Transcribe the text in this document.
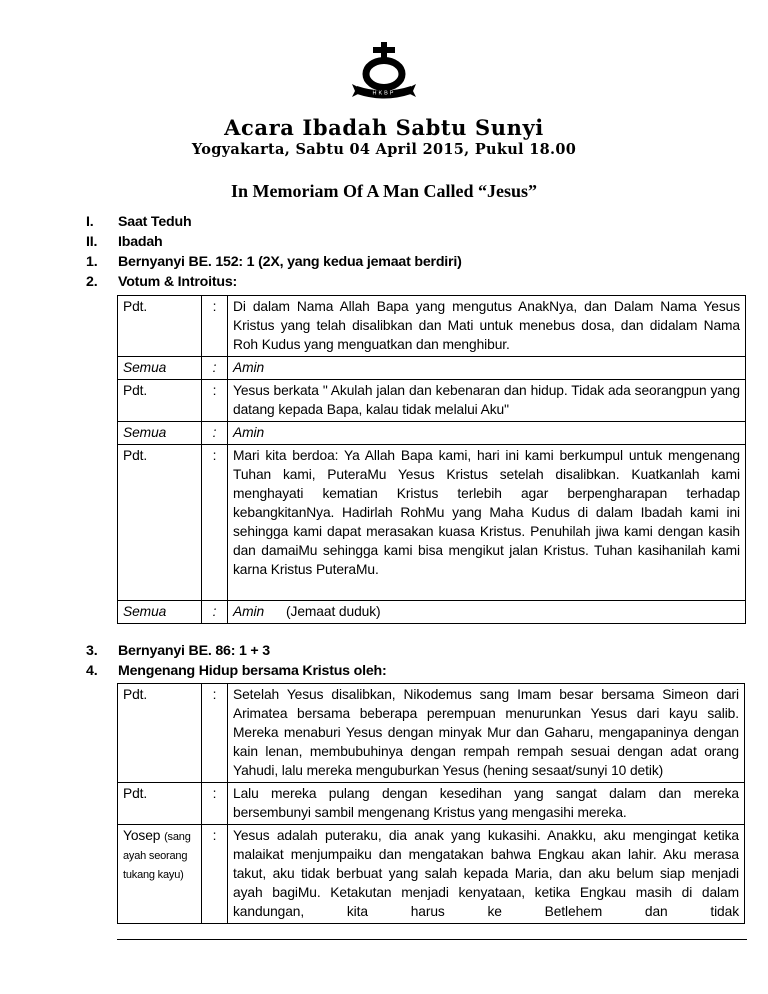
HKBP
Acara Ibadah Sabtu Sunyi
Yogyakarta, Sabtu 04 April 2015, Pukul 18.00
In Memoriam Of A Man Called “Jesus”
I.	Saat Teduh
II.	Ibadah
1.	Bernyanyi BE. 152: 1 (2X, yang kedua jemaat berdiri)
2.	Votum & Introitus:
Pdt.	:	Di dalam Nama Allah Bapa yang mengutus AnakNya, dan Dalam Nama Yesus Kristus yang telah disalibkan dan Mati untuk menebus dosa, dan didalam Nama Roh Kudus yang menguatkan dan menghibur.
Semua	:	Amin
Pdt.	:	Yesus berkata " Akulah jalan dan kebenaran dan hidup. Tidak ada seorangpun yang datang kepada Bapa, kalau tidak melalui Aku"
Semua	:	Amin
Pdt.	:	Mari kita berdoa: Ya Allah Bapa kami, hari ini kami berkumpul untuk mengenang Tuhan kami, PuteraMu Yesus Kristus setelah disalibkan. Kuatkanlah kami menghayati kematian Kristus terlebih agar berpengharapan terhadap kebangkitanNya. Hadirlah RohMu yang Maha Kudus di dalam Ibadah kami ini sehingga kami dapat merasakan kuasa Kristus. Penuhilah jiwa kami dengan kasih dan damaiMu sehingga kami bisa mengikut jalan Kristus. Tuhan kasihanilah kami karna Kristus PuteraMu.
Semua	:	Amin (Jemaat duduk)
3.	Bernyanyi BE. 86: 1 + 3
4.	Mengenang Hidup bersama Kristus oleh:
Pdt.	:	Setelah Yesus disalibkan, Nikodemus sang Imam besar bersama Simeon dari Arimatea bersama beberapa perempuan menurunkan Yesus dari kayu salib. Mereka menaburi Yesus dengan minyak Mur dan Gaharu, mengapaninya dengan kain lenan, membubuhinya dengan rempah rempah sesuai dengan adat orang Yahudi, lalu mereka menguburkan Yesus (hening sesaat/sunyi 10 detik)
Pdt.	:	Lalu mereka pulang dengan kesedihan yang sangat dalam dan mereka bersembunyi sambil mengenang Kristus yang mengasihi mereka.
Yosep (sang ayah seorang tukang kayu)	:	Yesus adalah puteraku, dia anak yang kukasihi. Anakku, aku mengingat ketika malaikat menjumpaiku dan mengatakan bahwa Engkau akan lahir. Aku merasa takut, aku tidak berbuat yang salah kepada Maria, dan aku belum siap menjadi ayah bagiMu. Ketakutan menjadi kenyataan, ketika Engkau masih di dalam kandungan, kita harus ke Betlehem dan tidak
